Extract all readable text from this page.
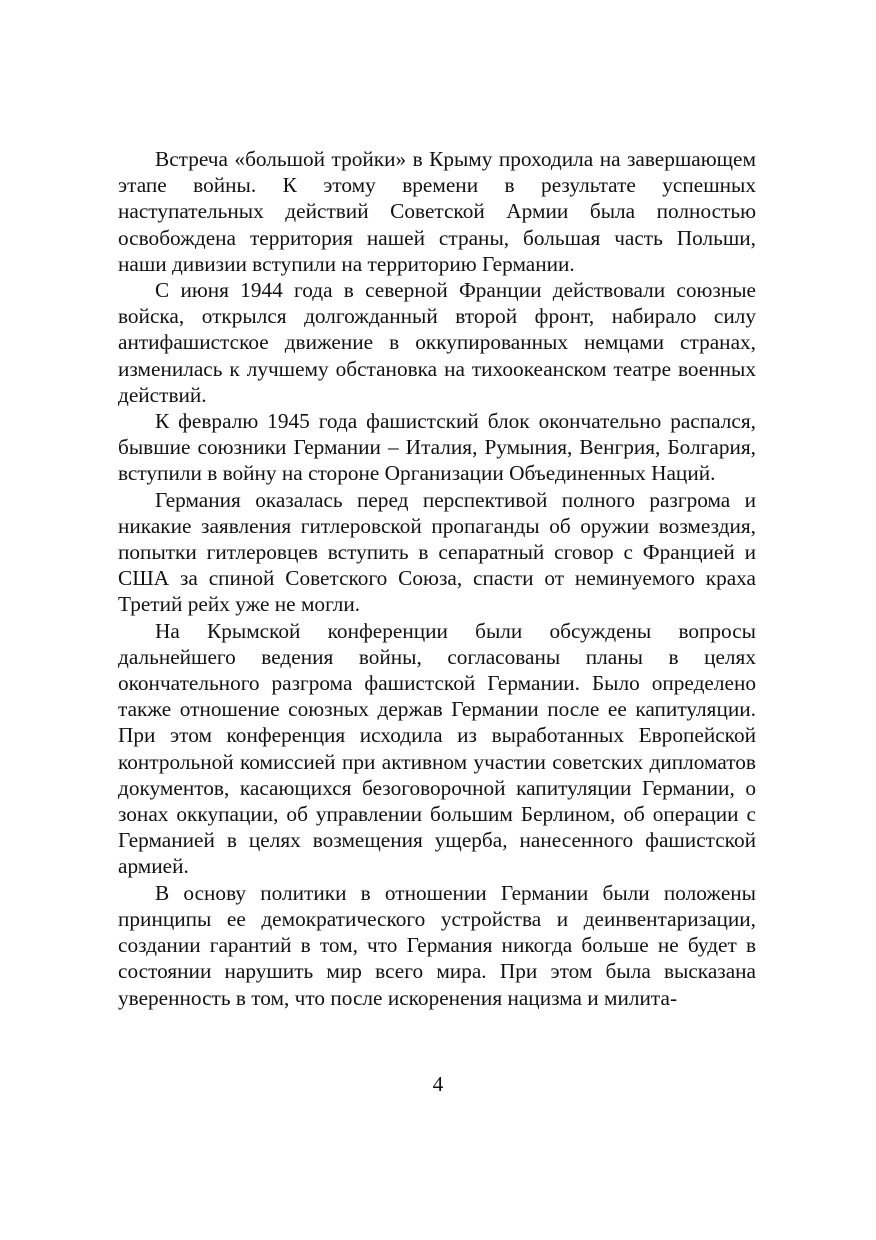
Встреча «большой тройки» в Крыму проходила на завершающем этапе войны. К этому времени в результате успешных наступательных действий Советской Армии была полностью освобождена территория нашей страны, большая часть Польши, наши дивизии вступили на территорию Германии.

С июня 1944 года в северной Франции действовали союзные войска, открылся долгожданный второй фронт, набирало силу антифашистское движение в оккупированных немцами странах, изменилась к лучшему обстановка на тихоокеанском театре военных действий.

К февралю 1945 года фашистский блок окончательно распался, бывшие союзники Германии – Италия, Румыния, Венгрия, Болгария, вступили в войну на стороне Организации Объединенных Наций.

Германия оказалась перед перспективой полного разгрома и никакие заявления гитлеровской пропаганды об оружии возмездия, попытки гитлеровцев вступить в сепаратный сговор с Францией и США за спиной Советского Союза, спасти от неминуемого краха Третий рейх уже не могли.

На Крымской конференции были обсуждены вопросы дальнейшего ведения войны, согласованы планы в целях окончательного разгрома фашистской Германии. Было определено также отношение союзных держав Германии после ее капитуляции. При этом конференция исходила из выработанных Европейской контрольной комиссией при активном участии советских дипломатов документов, касающихся безоговорочной капитуляции Германии, о зонах оккупации, об управлении большим Берлином, об операции с Германией в целях возмещения ущерба, нанесенного фашистской армией.

В основу политики в отношении Германии были положены принципы ее демократического устройства и деинвентаризации, создании гарантий в том, что Германия никогда больше не будет в состоянии нарушить мир всего мира. При этом была высказана уверенность в том, что после искоренения нацизма и милита-

4
